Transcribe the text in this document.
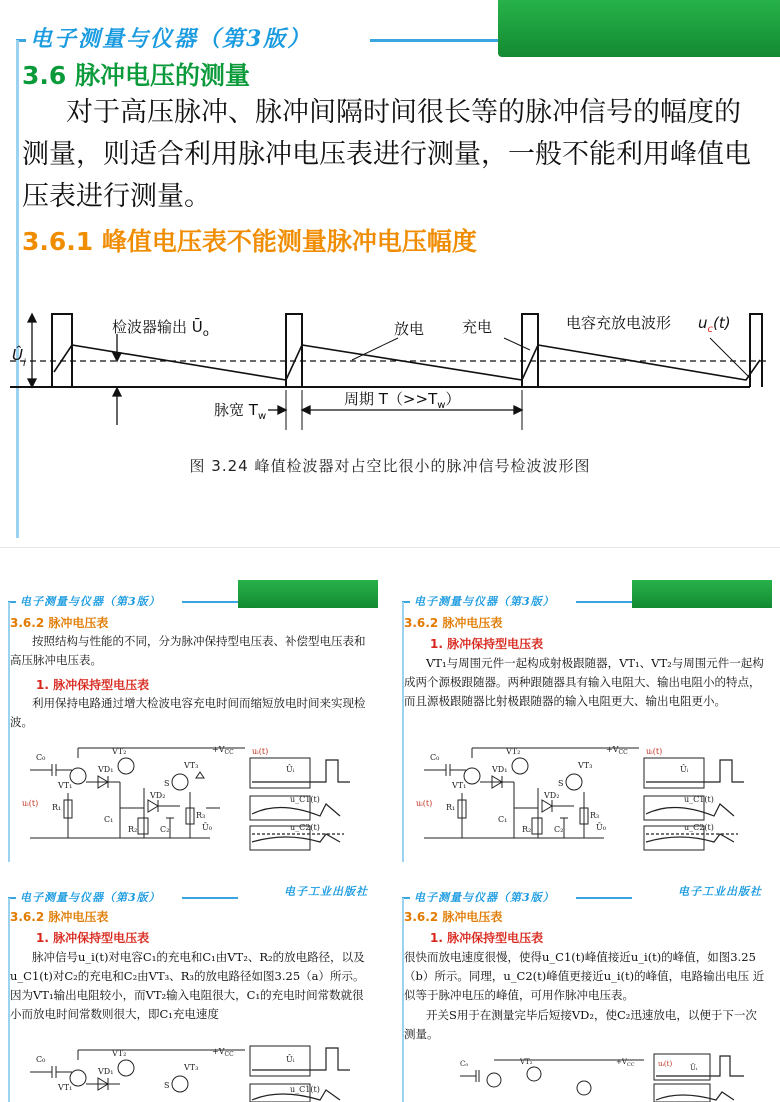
电子测量与仪器（第3版）
3.6 脉冲电压的测量
对于高压脉冲、脉冲间隔时间很长等的脉冲信号的幅度的测量，则适合利用脉冲电压表进行测量，一般不能利用峰值电压表进行测量。
3.6.1 峰值电压表不能测量脉冲电压幅度
检波器输出 $Ū_o$	放电	充电	电容充放电波形 $u_c(t)$
$Û_i$
脉宽 $T_w$
周期 $T(>>T_w)$
图 3.24 峰值检波器对占空比很小的脉冲信号检波波形图
电子测量与仪器（第3版）
3.6.2 脉冲电压表
按照结构与性能的不同，分为脉冲保持型电压表、补偿型电压表和高压脉冲电压表。
1. 脉冲保持型电压表
利用保持电路通过增大检波电容充电时间而缩短放电时间来实现检波。
C₀
VT₁
VT₂
VD₁	VT₃
VD₂
S
R₁
C₁
R₂	C₂
R₃
Ū₀
$+V_{CC}$
uᵢ(t)
uᵢ(t)
Ûᵢ
u_C1(t)
u_C2(t)
电子测量与仪器（第3版）
3.6.2 脉冲电压表
1. 脉冲保持型电压表
VT₁与周围元件一起构成射极跟随器，VT₁、VT₂与周围元件一起构成两个源极跟随器。两种跟随器具有输入电阻大、输出电阻小的特点，而且源极跟随器比射极跟随器的输入电阻更大、输出电阻更小。
C₀
VT₁
VT₂
VD₁	VT₃
VD₂
S
R₁
C₁
R₂	C₂
R₃
Ū₀
$+V_{CC}$
uᵢ(t)
uᵢ(t)
Ûᵢ
u_C1(t)
u_C2(t)
电子测量与仪器（第3版）	电子工业出版社
3.6.2 脉冲电压表
1. 脉冲保持型电压表
脉冲信号u_i(t)对电容C₁的充电和C₁由VT₂、R₂的放电路径，以及u_C1(t)对C₂的充电和C₂由VT₃、R₃的放电路径如图3.25（a）所示。因为VT₁输出电阻较小，而VT₂输入电阻很大，C₁的充电时间常数就很小而放电时间常数则很大，即C₁充电速度
C₀
VT₁
VT₂
VD₁	VT₃
S
$+V_{CC}$
Ûᵢ
u_C1(t)
电子测量与仪器（第3版）	电子工业出版社
3.6.2 脉冲电压表
1. 脉冲保持型电压表
很快而放电速度很慢，使得u_C1(t)峰值接近u_i(t)的峰值，如图3.25（b）所示。同理，u_C2(t)峰值更接近u_i(t)的峰值，电路输出电压 近似等于脉冲电压的峰值，可用作脉冲电压表。
开关S用于在测量完毕后短接VD₂，使C₂迅速放电，以便于下一次测量。
C₀	VT₂	$+V_{CC}$	uᵢ(t)	Ûᵢ
